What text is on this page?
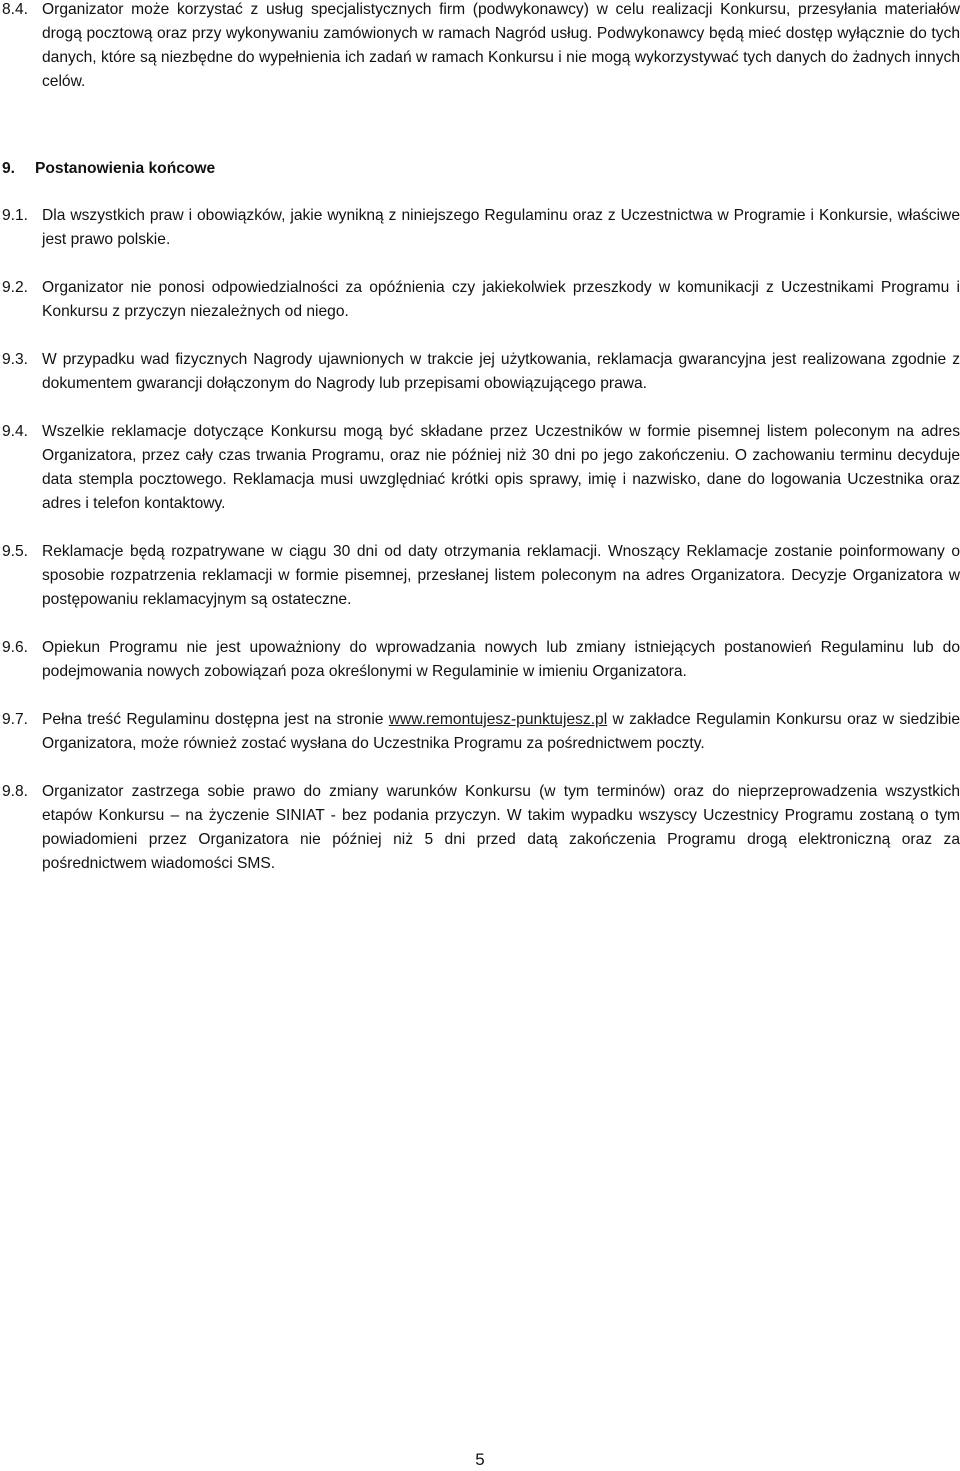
8.4. Organizator może korzystać z usług specjalistycznych firm (podwykonawcy) w celu realizacji Konkursu, przesyłania materiałów drogą pocztową oraz przy wykonywaniu zamówionych w ramach Nagród usług. Podwykonawcy będą mieć dostęp wyłącznie do tych danych, które są niezbędne do wypełnienia ich zadań w ramach Konkursu i nie mogą wykorzystywać tych danych do żadnych innych celów.
9.	Postanowienia końcowe
9.1. Dla wszystkich praw i obowiązków, jakie wynikną z niniejszego Regulaminu oraz z Uczestnictwa w Programie i Konkursie, właściwe jest prawo polskie.
9.2. Organizator nie ponosi odpowiedzialności za opóźnienia czy jakiekolwiek przeszkody w komunikacji z Uczestnikami Programu i Konkursu z przyczyn niezależnych od niego.
9.3. W przypadku wad fizycznych Nagrody ujawnionych w trakcie jej użytkowania, reklamacja gwarancyjna jest realizowana zgodnie z dokumentem gwarancji dołączonym do Nagrody lub przepisami obowiązującego prawa.
9.4. Wszelkie reklamacje dotyczące Konkursu mogą być składane przez Uczestników w formie pisemnej listem poleconym na adres Organizatora, przez cały czas trwania Programu, oraz nie później niż 30 dni po jego zakończeniu. O zachowaniu terminu decyduje data stempla pocztowego. Reklamacja musi uwzględniać krótki opis sprawy, imię i nazwisko, dane do logowania Uczestnika oraz adres i telefon kontaktowy.
9.5. Reklamacje będą rozpatrywane w ciągu 30 dni od daty otrzymania reklamacji. Wnoszący Reklamacje zostanie poinformowany o sposobie rozpatrzenia reklamacji w formie pisemnej, przesłanej listem poleconym na adres Organizatora. Decyzje Organizatora w postępowaniu reklamacyjnym są ostateczne.
9.6. Opiekun Programu nie jest upoważniony do wprowadzania nowych lub zmiany istniejących postanowień Regulaminu lub do podejmowania nowych zobowiązań poza określonymi w Regulaminie w imieniu Organizatora.
9.7. Pełna treść Regulaminu dostępna jest na stronie www.remontujesz-punktujesz.pl w zakładce Regulamin Konkursu oraz w siedzibie Organizatora, może również zostać wysłana do Uczestnika Programu za pośrednictwem poczty.
9.8. Organizator zastrzega sobie prawo do zmiany warunków Konkursu (w tym terminów) oraz do nieprzeprowadzenia wszystkich etapów Konkursu – na życzenie SINIAT - bez podania przyczyn. W takim wypadku wszyscy Uczestnicy Programu zostaną o tym powiadomieni przez Organizatora nie później niż 5 dni przed datą zakończenia Programu drogą elektroniczną oraz za pośrednictwem wiadomości SMS.
5
